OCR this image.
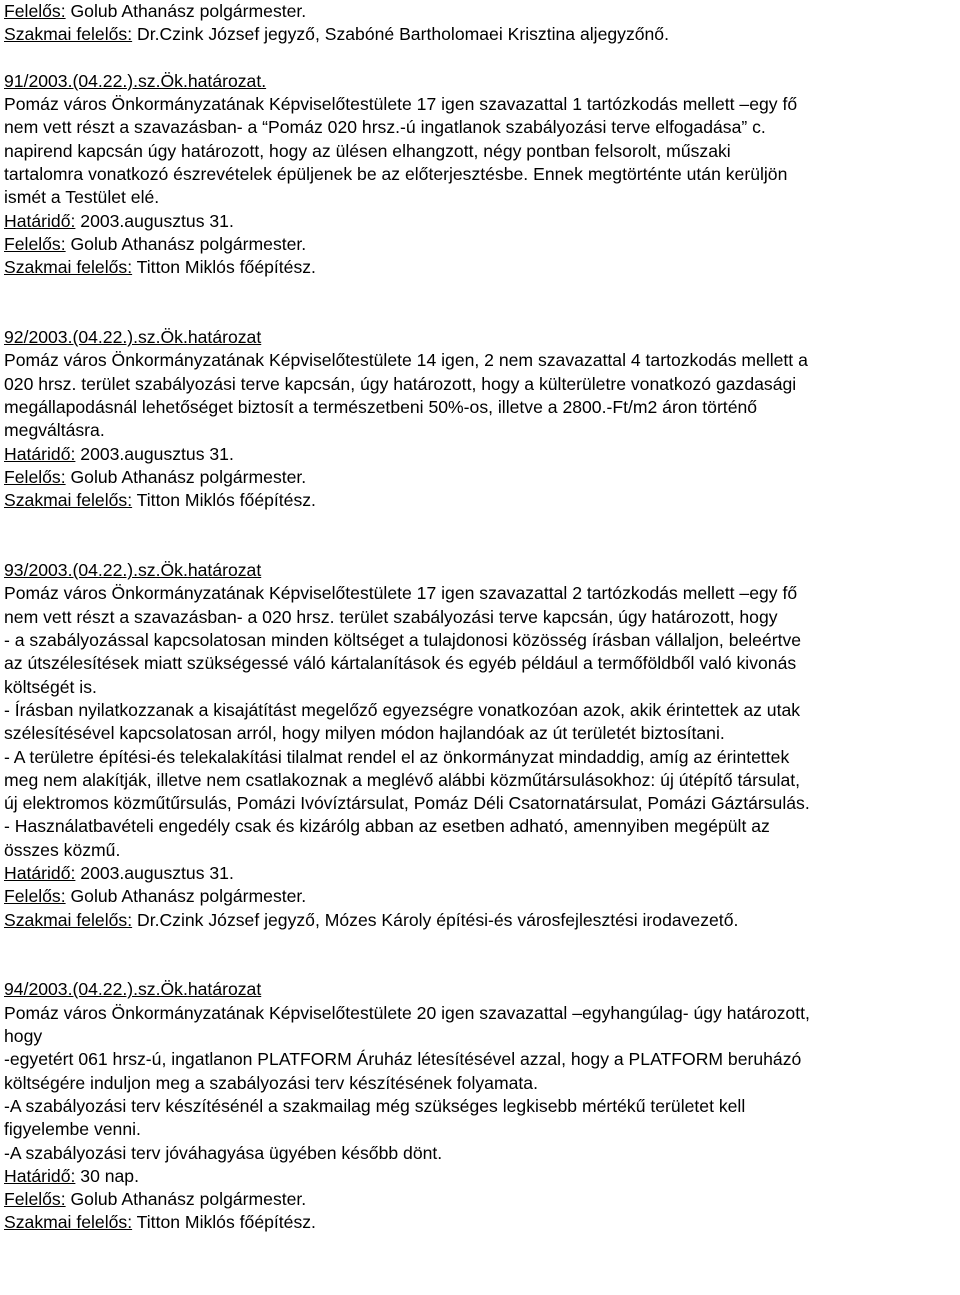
Felelős: Golub Athanász polgármester.
Szakmai felelős: Dr.Czink József jegyző, Szabóné Bartholomaei Krisztina aljegyzőnő.
91/2003.(04.22.).sz.Ök.határozat.
Pomáz város Önkormányzatának Képviselőtestülete 17 igen szavazattal 1 tartózkodás mellett –egy fő
nem vett részt a szavazásban- a “Pomáz 020 hrsz.-ú ingatlanok szabályozási terve elfogadása” c.
napirend kapcsán úgy határozott, hogy az ülésen elhangzott, négy pontban felsorolt, műszaki
tartalomra vonatkozó észrevételek épüljenek be az előterjesztésbe. Ennek megtörténte után kerüljön
ismét a Testület elé.
Határidő: 2003.augusztus 31.
Felelős: Golub Athanász polgármester.
Szakmai felelős: Titton Miklós főépítész.
92/2003.(04.22.).sz.Ök.határozat
Pomáz város Önkormányzatának Képviselőtestülete 14 igen, 2 nem szavazattal 4 tartozkodás mellett a
020 hrsz. terület szabályozási terve kapcsán, úgy határozott, hogy a külterületre vonatkozó gazdasági
megállapodásnál lehetőséget biztosít a természetbeni 50%-os, illetve a 2800.-Ft/m2 áron történő
megváltásra.
Határidő: 2003.augusztus 31.
Felelős: Golub Athanász polgármester.
Szakmai felelős: Titton Miklós főépítész.
93/2003.(04.22.).sz.Ök.határozat
Pomáz város Önkormányzatának Képviselőtestülete 17 igen szavazattal 2 tartózkodás mellett –egy fő
nem vett részt a szavazásban- a 020 hrsz. terület szabályozási terve kapcsán, úgy határozott, hogy
- a szabályozással kapcsolatosan minden költséget a tulajdonosi közösség írásban vállaljon, beleértve
az útszélesítések miatt szükségessé váló kártalanítások és egyéb például a termőföldből való kivonás
költségét is.
- Írásban nyilatkozzanak a kisajátítást megelőző egyezségre vonatkozóan azok, akik érintettek az utak
szélesítésével kapcsolatosan arról, hogy milyen módon hajlandóak az út területét biztosítani.
- A területre építési-és telekalakítási tilalmat rendel el az önkormányzat mindaddig, amíg az érintettek
meg nem alakítják, illetve nem csatlakoznak a meglévő alábbi közműtársulásokhoz: új útépítő társulat,
új elektromos közműtűrsulás, Pomázi Ivóvíztársulat, Pomáz Déli Csatornatársulat, Pomázi Gáztársulás.
- Használatbavételi engedély csak és kizárólg abban az esetben adható, amennyiben megépült az
összes közmű.
Határidő: 2003.augusztus 31.
Felelős: Golub Athanász polgármester.
Szakmai felelős: Dr.Czink József jegyző, Mózes Károly építési-és városfejlesztési irodavezető.
94/2003.(04.22.).sz.Ök.határozat
Pomáz város Önkormányzatának Képviselőtestülete 20 igen szavazattal –egyhangúlag- úgy határozott,
hogy
-egyetért 061 hrsz-ú, ingatlanon PLATFORM Áruház létesítésével azzal, hogy a PLATFORM beruházó
költségére induljon meg a szabályozási terv készítésének folyamata.
-A szabályozási terv készítésénél a szakmailag még szükséges legkisebb mértékű területet kell
figyelembe venni.
-A szabályozási terv jóváhagyása ügyében később dönt.
Határidő: 30 nap.
Felelős: Golub Athanász polgármester.
Szakmai felelős: Titton Miklós főépítész.
